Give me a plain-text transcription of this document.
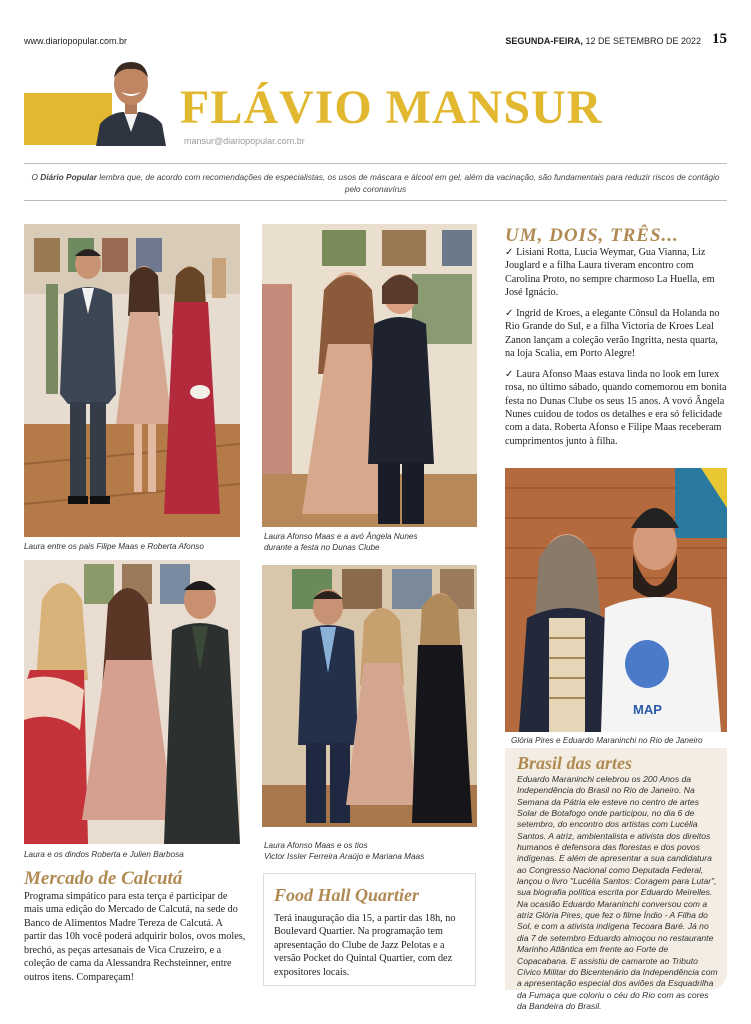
www.diariopopular.com.br	SEGUNDA-FEIRA, 12 DE SETEMBRO DE 2022 15
FLÁVIO MANSUR
mansur@diariopopular.com.br
O Diário Popular lembra que, de acordo com recomendações de especialistas, os usos de máscara e álcool em gel, além da vacinação, são fundamentais para reduzir riscos de contágio pelo coronavírus
Laura entre os pais Filipe Maas e Roberta Afonso
Laura Afonso Maas e a avó Ângela Nunes durante a festa no Dunas Clube
UM, DOIS, TRÊS...

✓ Lisiani Rotta, Lucia Weymar, Gua Vianna, Liz Jouglard e a filha Laura tiveram encontro com Carolina Proto, no sempre charmoso La Huella, em José Ignácio.

✓ Ingrid de Kroes, a elegante Cônsul da Holanda no Rio Grande do Sul, e a filha Victoria de Kroes Leal Zanon lançam a coleção verão Ingritta, nesta quarta, na loja Scalia, em Porto Alegre!

✓ Laura Afonso Maas estava linda no look em lurex rosa, no último sábado, quando comemorou em bonita festa no Dunas Clube os seus 15 anos. A vovó Ângela Nunes cuidou de todos os detalhes e era só felicidade com a data. Roberta Afonso e Filipe Maas receberam cumprimentos junto à filha.

Laura e os dindos Roberta e Julien Barbosa
Laura Afonso Maas e os tios
Victor Issler Ferreira Araújo e Mariana Maas
MAP
Glória Pires e Eduardo Maraninchi no Rio de Janeiro
Mercado de Calcutá
Programa simpático para esta terça é participar de mais uma edição do Mercado de Calcutá, na sede do Banco de Alimentos Madre Tereza de Calcutá. A partir das 10h você poderá adquirir bolos, ovos moles, brechó, as peças artesanais de Vica Cruzeiro, e a coleção de cama da Alessandra Rechsteinner, entre outros itens. Compareçam!
Food Hall Quartier
Terá inauguração dia 15, a partir das 18h, no Boulevard Quartier. Na programação tem apresentação do Clube de Jazz Pelotas e a versão Pocket do Quintal Quartier, com dez expositores locais.
Brasil das artes
Eduardo Maraninchi celebrou os 200 Anos da Independência do Brasil no Rio de Janeiro. Na Semana da Pátria ele esteve no centro de artes Solar de Botafogo onde participou, no dia 6 de setembro, do encontro dos artistas com Lucélia Santos. A atriz, ambientalista e ativista dos direitos humanos é defensora das florestas e dos povos indígenas. E além de apresentar a sua candidatura ao Congresso Nacional como Deputada Federal, lançou o livro "Lucélia Santos: Coragem para Lutar", sua biografia política escrita por Eduardo Meirelles. Na ocasião Eduardo Maraninchi conversou com a atriz Glória Pires, que fez o filme Índio - A Filha do Sol, e com a ativista indígena Tecoara Baré. Já no dia 7 de setembro Eduardo almoçou no restaurante Marinho Atlântica em frente ao Forte de Copacabana. E assistiu de camarote ao Tributo Cívico Militar do Bicentenário da Independência com a apresentação especial dos aviões da Esquadrilha da Fumaça que coloriu o céu do Rio com as cores da Bandeira do Brasil.
